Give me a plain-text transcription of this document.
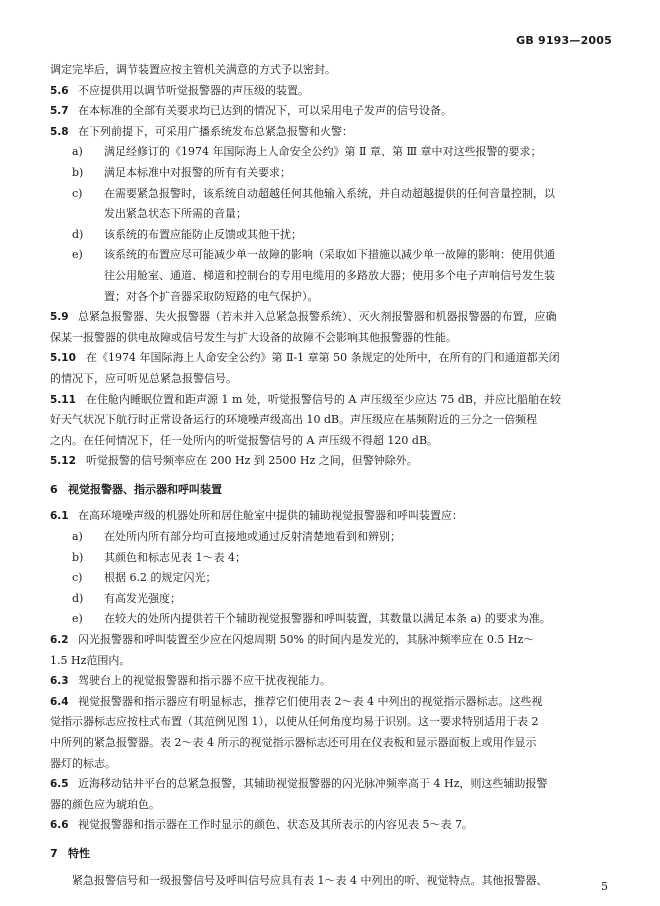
GB 9193—2005
调定完毕后，调节装置应按主管机关满意的方式予以密封。
5.6 不应提供用以调节听觉报警器的声压级的装置。
5.7 在本标准的全部有关要求均已达到的情况下，可以采用电子发声的信号设备。
5.8 在下列前提下，可采用广播系统发布总紧急报警和火警：
a)	满足经修订的《1974 年国际海上人命安全公约》第 Ⅱ 章、第 Ⅲ 章中对这些报警的要求；
b)	满足本标准中对报警的所有有关要求；
c)	在需要紧急报警时，该系统自动超越任何其他输入系统，并自动超越提供的任何音量控制，以
发出紧急状态下所需的音量；
d)	该系统的布置应能防止反馈或其他干扰；
e)	该系统的布置应尽可能减少单一故障的影响（采取如下措施以减少单一故障的影响：使用供通
往公用舱室、通道、梯道和控制台的专用电缆用的多路放大器；使用多个电子声响信号发生装
置；对各个扩音器采取防短路的电气保护）。
5.9 总紧急报警器、失火报警器（若未并入总紧急报警系统）、灭火剂报警器和机器报警器的布置，应确
保某一报警器的供电故障或信号发生与扩大设备的故障不会影响其他报警器的性能。
5.10 在《1974 年国际海上人命安全公约》第 Ⅱ-1 章第 50 条规定的处所中，在所有的门和通道都关闭
的情况下，应可听见总紧急报警信号。
5.11 在住舱内睡眠位置和距声源 1 m 处，听觉报警信号的 A 声压级至少应达 75 dB，并应比船舶在较
好天气状况下航行时正常设备运行的环境噪声级高出 10 dB。声压级应在基频附近的三分之一倍频程
之内。在任何情况下，任一处所内的听觉报警信号的 A 声压级不得超 120 dB。
5.12 听觉报警的信号频率应在 200 Hz 到 2500 Hz 之间，但警钟除外。
6 视觉报警器、指示器和呼叫装置
6.1 在高环境噪声级的机器处所和居住舱室中提供的辅助视觉报警器和呼叫装置应：
a)	在处所内所有部分均可直接地或通过反射清楚地看到和辨别；
b)	其颜色和标志见表 1～表 4；
c)	根据 6.2 的规定闪光；
d)	有高发光强度；
e)	在较大的处所内提供若干个辅助视觉报警器和呼叫装置，其数量以满足本条 a) 的要求为准。
6.2 闪光报警器和呼叫装置至少应在闪熄周期 50% 的时间内是发光的，其脉冲频率应在 0.5 Hz～
1.5 Hz范围内。
6.3 驾驶台上的视觉报警器和指示器不应干扰夜视能力。
6.4 视觉报警器和指示器应有明显标志，推荐它们使用表 2～表 4 中列出的视觉指示器标志。这些视
觉指示器标志应按柱式布置（其范例见图 1），以使从任何角度均易于识别。这一要求特别适用于表 2
中所列的紧急报警器。表 2～表 4 所示的视觉指示器标志还可用在仪表板和显示器面板上或用作显示
器灯的标志。
6.5 近海移动钻井平台的总紧急报警，其辅助视觉报警器的闪光脉冲频率高于 4 Hz，则这些辅助报警
器的颜色应为琥珀色。
6.6 视觉报警器和指示器在工作时显示的颜色、状态及其所表示的内容见表 5～表 7。
7 特性
紧急报警信号和一级报警信号及呼叫信号应具有表 1～表 4 中列出的听、视觉特点。其他报警器、	5
